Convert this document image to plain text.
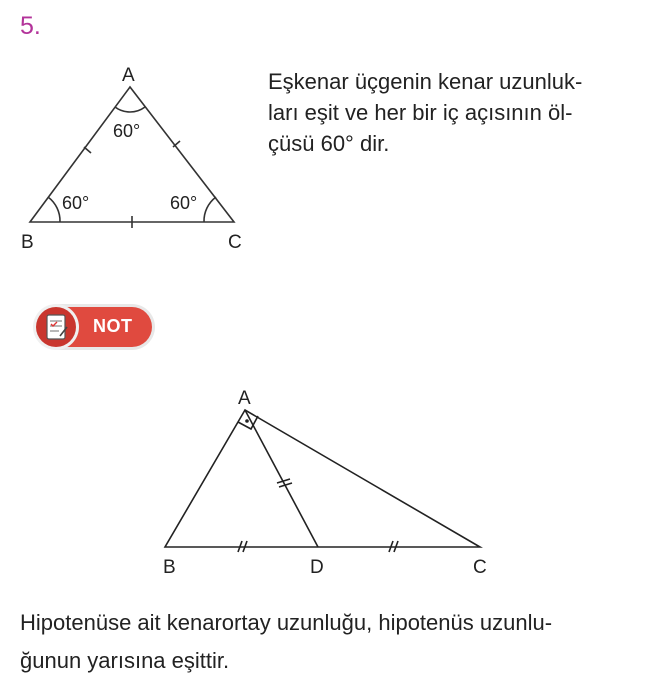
5.
A
B	C
60°
60°	60°
Eşkenar üçgenin kenar uzunluk-
ları eşit ve her bir iç açısının öl-
çüsü 60° dir.
NOT
A
B	D	C
Hipotenüse ait kenarortay uzunluğu, hipotenüs uzunlu-
ğunun yarısına eşittir.
